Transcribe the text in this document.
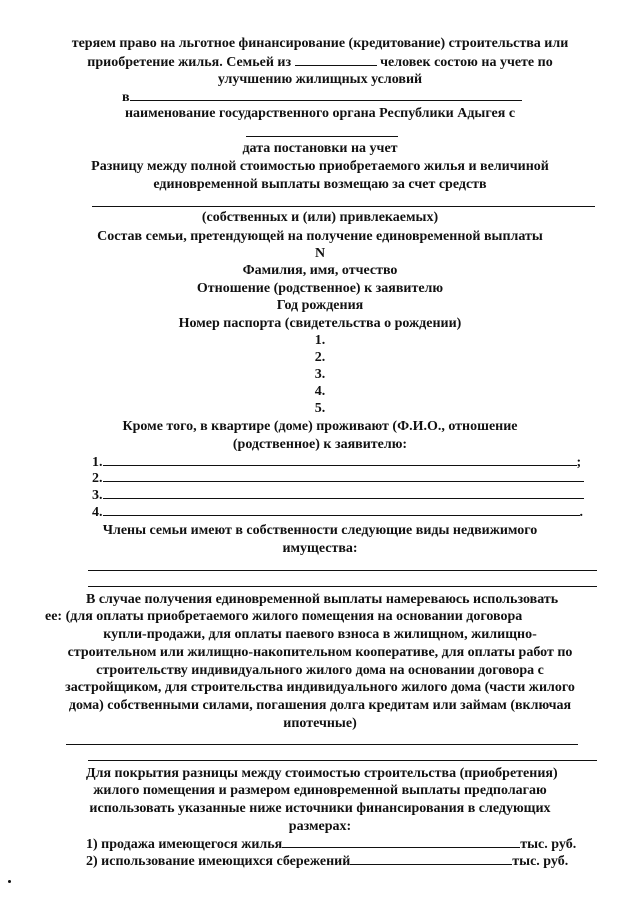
теряем право на льготное финансирование (кредитование) строительства или
приобретение жилья. Семьей из	человек состою на учете по
улучшению жилищных условий
в
наименование государственного органа Республики Адыгея с
дата постановки на учет
Разницу между полной стоимостью приобретаемого жилья и величиной
единовременной выплаты возмещаю за счет средств
(собственных и (или) привлекаемых)
Состав семьи, претендующей на получение единовременной выплаты
N
Фамилия, имя, отчество
Отношение (родственное) к заявителю
Год рождения
Номер паспорта (свидетельства о рождении)
1.
2.
3.
4.
5.
Кроме того, в квартире (доме) проживают (Ф.И.О., отношение
(родственное) к заявителю:
1.	;
2.
3.
4.	.
Члены семьи имеют в собственности следующие виды недвижимого
имущества:
В случае получения единовременной выплаты намереваюсь использовать
ее: (для оплаты приобретаемого жилого помещения на основании договора
купли-продажи, для оплаты паевого взноса в жилищном, жилищно-
строительном или жилищно-накопительном кооперативе, для оплаты работ по
строительству индивидуального жилого дома на основании договора с
застройщиком, для строительства индивидуального жилого дома (части жилого
дома) собственными силами, погашения долга кредитам или займам (включая
ипотечные)
Для покрытия разницы между стоимостью строительства (приобретения)
жилого помещения и размером единовременной выплаты предполагаю
использовать указанные ниже источники финансирования в следующих
размерах:
1) продажа имеющегося жилья	тыс. руб.
2) использование имеющихся сбережений	тыс. руб.
